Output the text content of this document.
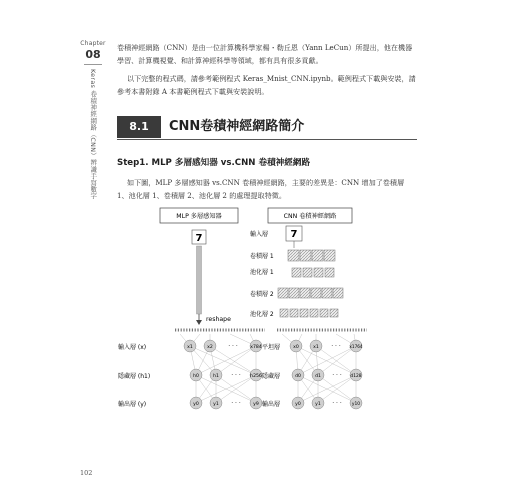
Chapter
08
Keras 卷積神經網路（CNN）辨識手寫數字
卷積神經網路（CNN）是由一位計算機科學家楊・勒丘恩（Yann LeCun）所提出，他在機器學習、計算機視覺、和計算神經科學等領域，都有具有很多貢獻。
以下完整的程式碼，請參考範例程式 Keras_Mnist_CNN.ipynb。範例程式下載與安裝，請參考本書附錄 A 本書範例程式下載與安裝說明。
8.1	CNN卷積神經網路簡介
Step1. MLP 多層感知器 vs.CNN 卷積神經網路
如下圖，MLP 多層感知器 vs.CNN 卷積神經網路，主要的差異是：CNN 增加了卷積層 1、池化層 1、卷積層 2、池化層 2 的處理提取特徵。
MLP 多層感知器
7
reshape
CNN 卷積神經網路
輸入層
卷積層 1
池化層 1
卷積層 2
池化層 2
7
輸入層 (x)
隱藏層 (h1)
輸出層 (y)
平坦層
隱藏層
輸出層
x1	x2	· · ·	x784
h0	h1 · · · h256
y0	y1 · · ·	y9
x0	x1 · · · x1764
d0	d1 · · · d128
y0	y1 · · · y10
102
